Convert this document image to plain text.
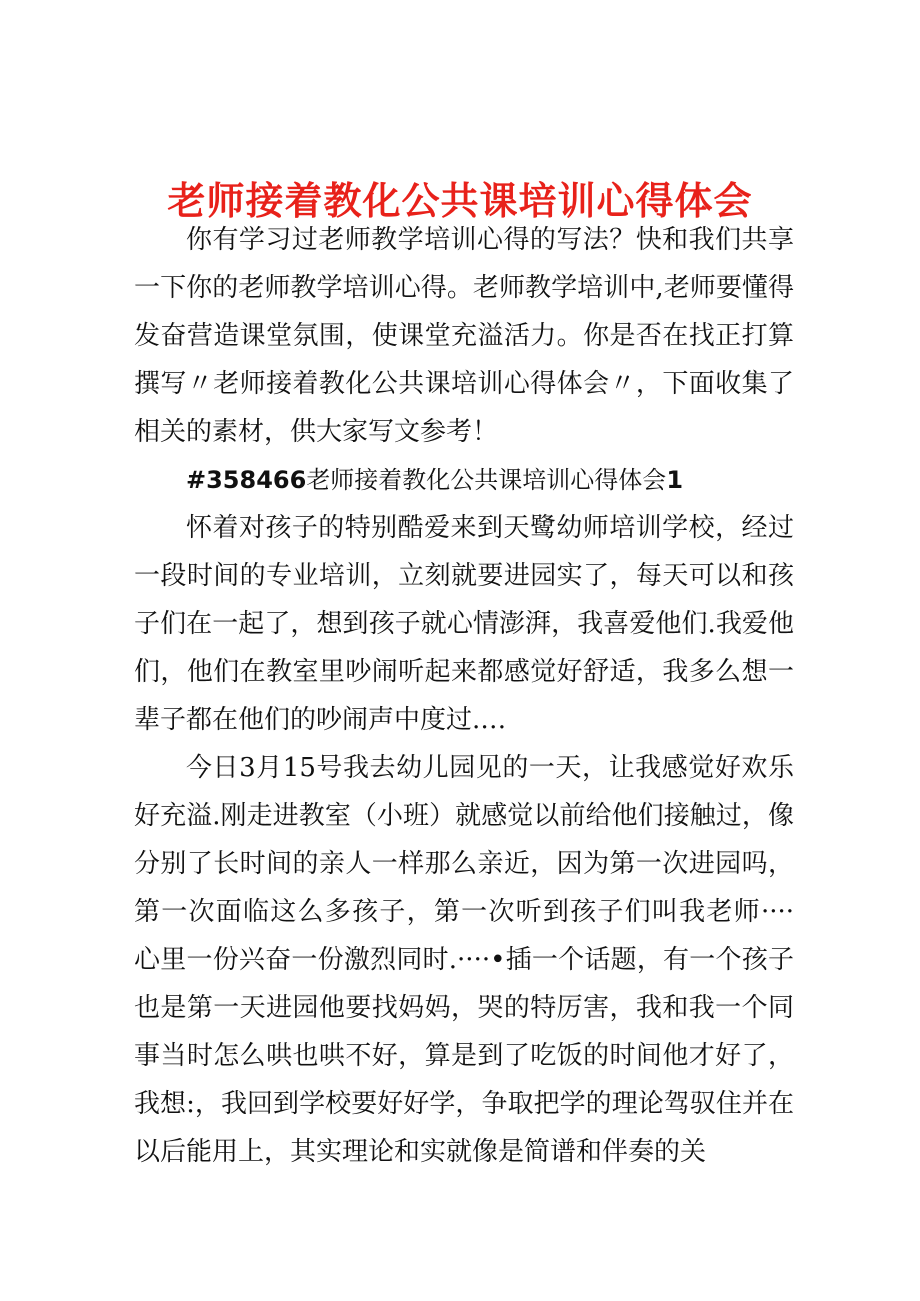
老师接着教化公共课培训心得体会

你有学习过老师教学培训心得的写法？快和我们共享一下你的老师教学培训心得。老师教学培训中,老师要懂得发奋营造课堂氛围，使课堂充溢活力。你是否在找正打算撰写〃老师接着教化公共课培训心得体会〃，下面收集了相关的素材，供大家写文参考！

#358466老师接着教化公共课培训心得体会1

怀着对孩子的特别酷爱来到天鹭幼师培训学校，经过一段时间的专业培训，立刻就要进园实了，每天可以和孩子们在一起了，想到孩子就心情澎湃，我喜爱他们.我爱他们，他们在教室里吵闹听起来都感觉好舒适，我多么想一辈子都在他们的吵闹声中度过.…

今日3月15号我去幼儿园见的一天，让我感觉好欢乐好充溢.刚走进教室（小班）就感觉以前给他们接触过，像分别了长时间的亲人一样那么亲近，因为第一次进园吗，第一次面临这么多孩子，第一次听到孩子们叫我老师···· 心里一份兴奋一份激烈同时.····•插一个话题，有一个孩子也是第一天进园他要找妈妈，哭的特厉害，我和我一个同事当时怎么哄也哄不好，算是到了吃饭的时间他才好了，我想:，我回到学校要好好学，争取把学的理论驾驭住并在以后能用上，其实理论和实就像是简谱和伴奏的关
